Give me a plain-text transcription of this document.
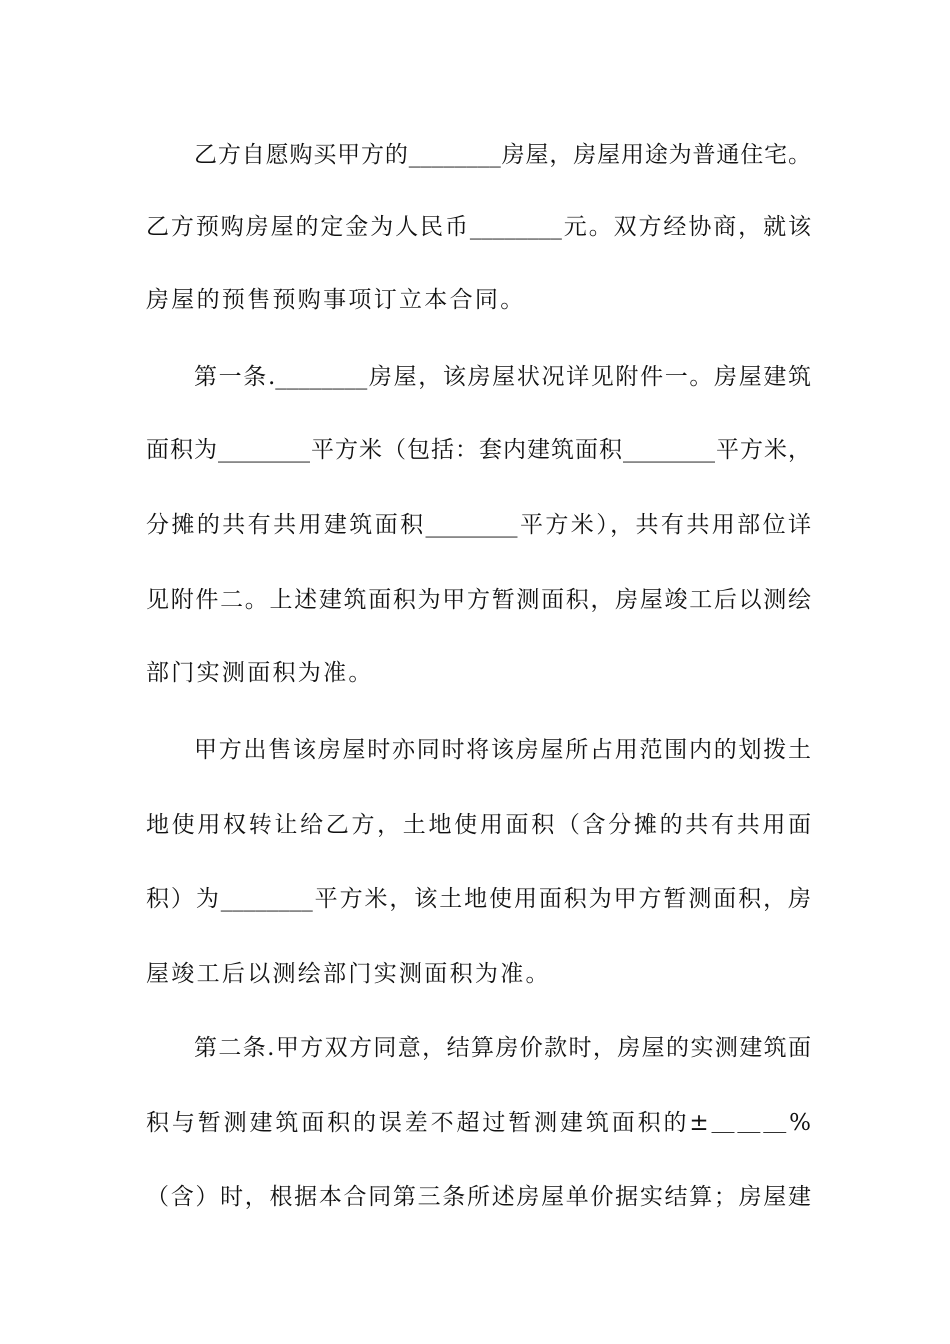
乙方自愿购买甲方的________房屋，房屋用途为普通住宅。
乙方预购房屋的定金为人民币________元。双方经协商，就该
房屋的预售预购事项订立本合同。
第一条.________房屋，该房屋状况详见附件一。房屋建筑
面积为________平方米（包括：套内建筑面积________平方米，
分摊的共有共用建筑面积________平方米），共有共用部位详
见附件二。上述建筑面积为甲方暂测面积，房屋竣工后以测绘
部门实测面积为准。
甲方出售该房屋时亦同时将该房屋所占用范围内的划拨土
地使用权转让给乙方，土地使用面积（含分摊的共有共用面
积）为________平方米，该土地使用面积为甲方暂测面积，房
屋竣工后以测绘部门实测面积为准。
第二条.甲方双方同意，结算房价款时，房屋的实测建筑面
积与暂测建筑面积的误差不超过暂测建筑面积的±＿＿＿%
（含）时，根据本合同第三条所述房屋单价据实结算；房屋建
